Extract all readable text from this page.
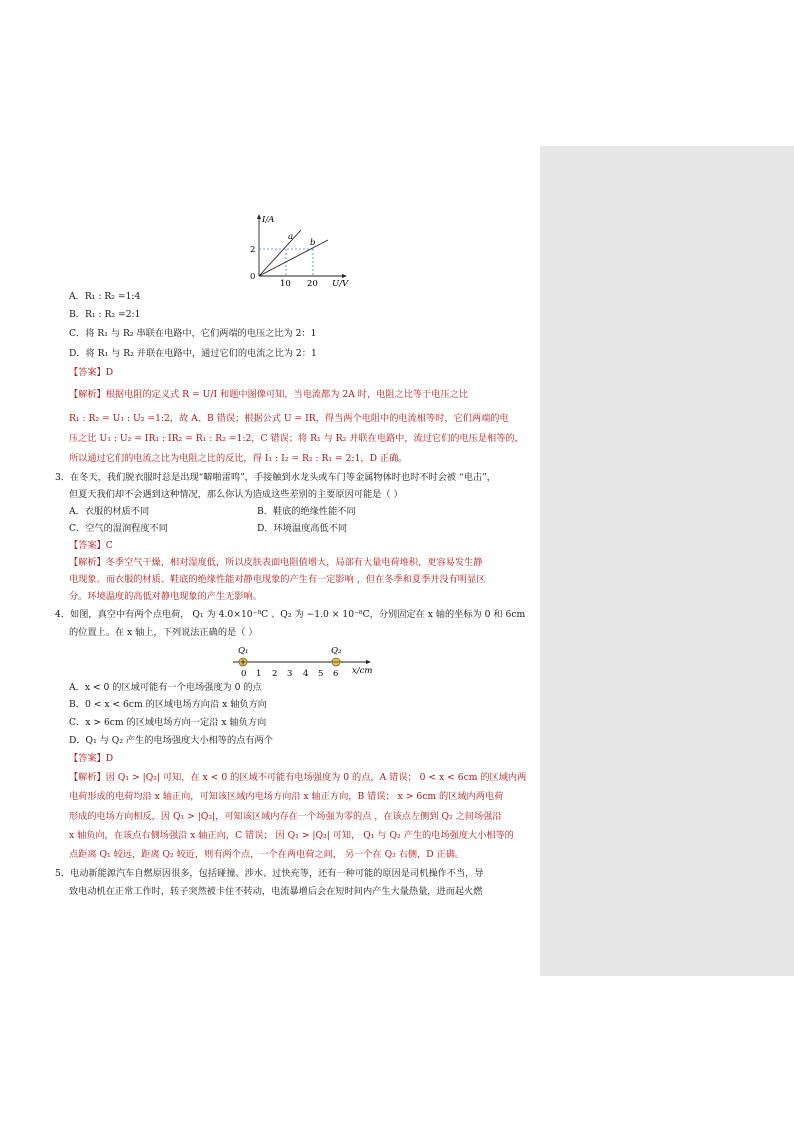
I/A
0
2
10 20 U/V
a
b
A．R₁ : R₂ =1:4
B．R₁ : R₂ =2:1
C．将 R₁ 与 R₂ 串联在电路中，它们两端的电压之比为 2：1
D．将 R₁ 与 R₂ 并联在电路中，通过它们的电流之比为 2：1
【答案】D
【解析】根据电阻的定义式 R = U/I 和题中图像可知，当电流都为 2A 时，电阻之比等于电压之比
R₁ : R₂ = U₁ : U₂ =1:2，故 A、B 错误；根据公式 U = IR，得当两个电阻中的电流相等时，它们两端的电
压之比 U₁ : U₂ = IR₁ : IR₂ = R₁ : R₂ =1:2，C 错误；将 R₁ 与 R₂ 并联在电路中，流过它们的电压是相等的，
所以通过它们的电流之比为电阻之比的反比，得 I₁ : I₂ = R₂ : R₁ = 2:1，D 正确。
3．在冬天，我们脱衣服时总是出现“噼啪雷鸣”，手接触到水龙头或车门等金属物体时也时不时会被 “电击”，
但夏天我们却不会遇到这种情况，那么你认为造成这些差别的主要原因可能是（ ）
A．衣服的材质不同	B．鞋底的绝缘性能不同
C．空气的湿润程度不同	D．环境温度高低不同
【答案】C
【解析】冬季空气干燥，相对湿度低，所以皮肤表面电阻值增大，局部有大量电荷堆积，更容易发生静
电现象。而衣服的材质、鞋底的绝缘性能对静电现象的产生有一定影响 ，但在冬季和夏季并没有明显区
分。环境温度的高低对静电现象的产生无影响。
4．如图，真空中有两个点电荷， Q₁ 为 4.0×10⁻⁸C 、Q₂ 为 −1.0 × 10⁻⁸C，分别固定在 x 轴的坐标为 0 和 6cm
的位置上。在 x 轴上，下列说法正确的是（ ）
Q₁	Q₂
0 1 2 3 4 5 6 x/cm
A．x < 0 的区域可能有一个电场强度为 0 的点
B．0 < x < 6cm 的区域电场方向沿 x 轴负方向
C．x > 6cm 的区域电场方向一定沿 x 轴负方向
D．Q₁ 与 Q₂ 产生的电场强度大小相等的点有两个
【答案】D
【解析】因 Q₁ > |Q₂| 可知，在 x < 0 的区域不可能有电场强度为 0 的点，A 错误； 0 < x < 6cm 的区域内两
电荷形成的电荷均沿 x 轴正向，可知该区域内电场方向沿 x 轴正方向，B 错误； x > 6cm 的区域内两电荷
形成的电场方向相反，因 Q₁ > |Q₂|，可知该区域内存在一个场强为零的点 ，在该点左侧到 Q₂ 之间场强沿
x 轴负向，在该点右侧场强沿 x 轴正向，C 错误； 因 Q₁ > |Q₂| 可知， Q₁ 与 Q₂ 产生的电场强度大小相等的
点距离 Q₁ 较远，距离 Q₂ 较近，则有两个点，一个在两电荷之间， 另一个在 Q₂ 右侧，D 正确。
5．电动新能源汽车自燃原因很多，包括碰撞、涉水、过快充等，还有一种可能的原因是司机操作不当，导
致电动机在正常工作时，转子突然被卡住不转动，电流暴增后会在短时间内产生大量热量，进而起火燃
